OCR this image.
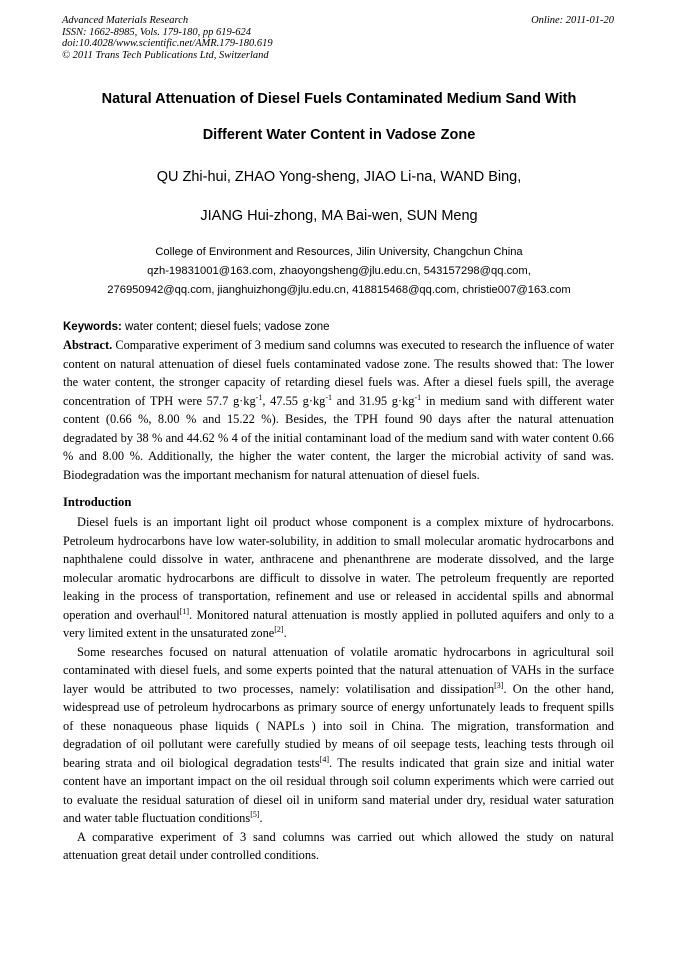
Advanced Materials Research
ISSN: 1662-8985, Vols. 179-180, pp 619-624
doi:10.4028/www.scientific.net/AMR.179-180.619
© 2011 Trans Tech Publications Ltd, Switzerland
Online: 2011-01-20
Natural Attenuation of Diesel Fuels Contaminated Medium Sand With
Different Water Content in Vadose Zone
QU Zhi-hui, ZHAO Yong-sheng, JIAO Li-na, WAND Bing,
JIANG Hui-zhong, MA Bai-wen, SUN Meng
College of Environment and Resources, Jilin University, Changchun China
qzh-19831001@163.com, zhaoyongsheng@jlu.edu.cn, 543157298@qq.com,
276950942@qq.com, jianghuizhong@jlu.edu.cn, 418815468@qq.com, christie007@163.com
Keywords: water content; diesel fuels; vadose zone
Abstract. Comparative experiment of 3 medium sand columns was executed to research the influence of water content on natural attenuation of diesel fuels contaminated vadose zone. The results showed that: The lower the water content, the stronger capacity of retarding diesel fuels was. After a diesel fuels spill, the average concentration of TPH were 57.7 $g\cdot kg^{-1}$, 47.55 $g\cdot kg^{-1}$ and 31.95 $g\cdot kg^{-1}$ in medium sand with different water content (0.66 %, 8.00 % and 15.22 %). Besides, the TPH found 90 days after the natural attenuation degradated by 38 % and 44.62 % 4 of the initial contaminant load of the medium sand with water content 0.66 % and 8.00 %. Additionally, the higher the water content, the larger the microbial activity of sand was. Biodegradation was the important mechanism for natural attenuation of diesel fuels.
Introduction

Diesel fuels is an important light oil product whose component is a complex mixture of hydrocarbons. Petroleum hydrocarbons have low water-solubility, in addition to small molecular aromatic hydrocarbons and naphthalene could dissolve in water, anthracene and phenanthrene are moderate dissolved, and the large molecular aromatic hydrocarbons are difficult to dissolve in water. The petroleum frequently are reported leaking in the process of transportation, refinement and use or released in accidental spills and abnormal operation and overhaul[1]. Monitored natural attenuation is mostly applied in polluted aquifers and only to a very limited extent in the unsaturated zone[2].

Some researches focused on natural attenuation of volatile aromatic hydrocarbons in agricultural soil contaminated with diesel fuels, and some experts pointed that the natural attenuation of VAHs in the surface layer would be attributed to two processes, namely: volatilisation and dissipation[3]. On the other hand, widespread use of petroleum hydrocarbons as primary source of energy unfortunately leads to frequent spills of these nonaqueous phase liquids ( NAPLs ) into soil in China. The migration, transformation and degradation of oil pollutant were carefully studied by means of oil seepage tests, leaching tests through oil bearing strata and oil biological degradation tests[4]. The results indicated that grain size and initial water content have an important impact on the oil residual through soil column experiments which were carried out to evaluate the residual saturation of diesel oil in uniform sand material under dry, residual water saturation and water table fluctuation conditions[5].

A comparative experiment of 3 sand columns was carried out which allowed the study on natural attenuation great detail under controlled conditions.
